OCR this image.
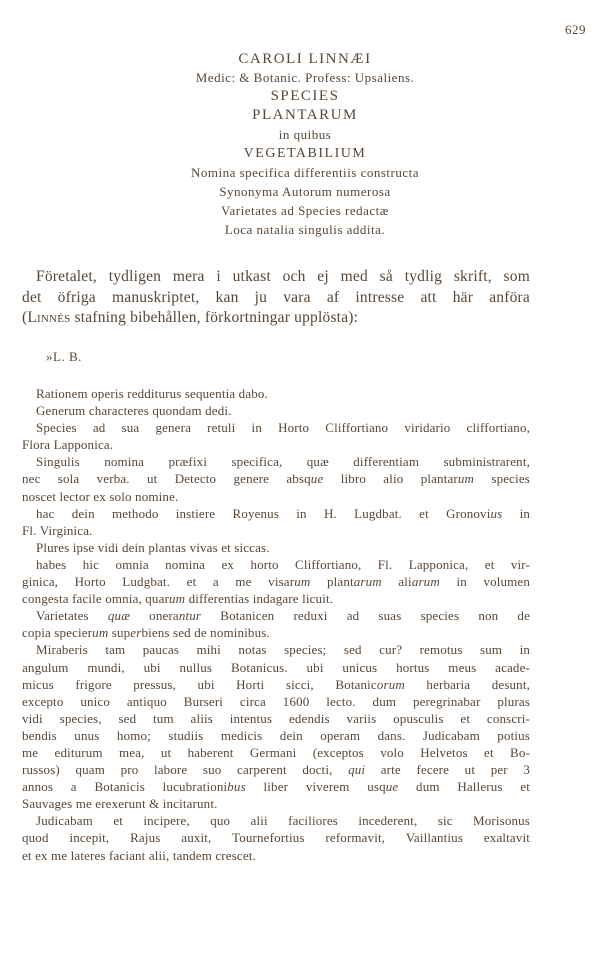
629
CAROLI LINNÆI
Medic: & Botanic. Profess: Upsaliens.
SPECIES
PLANTARUM
in quibus
VEGETABILIUM
Nomina specifica differentiis constructa
Synonyma Autorum numerosa
Varietates ad Species redactæ
Loca natalia singulis addita.
Företalet, tydligen mera i utkast och ej med så tydlig skrift, som
det öfriga manuskriptet, kan ju vara af intresse att här anföra
(Linnés stafning bibehållen, förkortningar upplösta):
»L. B.
Rationem operis redditurus sequentia dabo.
Generum characteres quondam dedi.
Species ad sua genera retuli in Horto Cliffortiano viridario cliffortiano,
Flora Lapponica.
Singulis nomina præfixi specifica, quæ differentiam subministrarent,
nec sola verba. ut Detecto genere absque libro alio plantarum species
noscet lector ex solo nomine.
hac dein methodo instiere Royenus in H. Lugdbat. et Gronovius in
Fl. Virginica.
Plures ipse vidi dein plantas vivas et siccas.
habes hic omnia nomina ex horto Cliffortiano, Fl. Lapponica, et vir-
ginica, Horto Ludgbat. et a me visarum plantarum aliarum in volumen
congesta facile omnia, quarum differentias indagare licuit.
Varietates quæ onerantur Botanicen reduxi ad suas species non de
copia specierum superbiens sed de nominibus.
Miraberis tam paucas mihi notas species; sed cur? remotus sum in
angulum mundi, ubi nullus Botanicus. ubi unicus hortus meus acade-
micus frigore pressus, ubi Horti sicci, Botanicorum herbaria desunt,
excepto unico antiquo Burseri circa 1600 lecto. dum peregrinabar pluras
vidi species, sed tum aliis intentus edendis variis opusculis et conscri-
bendis unus homo; studiis medicis dein operam dans. Judicabam potius
me editurum mea, ut haberent Germani (exceptos volo Helvetos et Bo-
russos) quam pro labore suo carperent docti, qui arte fecere ut per 3
annos a Botanicis lucubrationibus liber viverem usque dum Hallerus et
Sauvages me erexerunt & incitarunt.
Judicabam et incipere, quo alii faciliores incederent, sic Morisonus
quod incepit, Rajus auxit, Tournefortius reformavit, Vaillantius exaltavit
et ex me lateres faciant alii, tandem crescet.
